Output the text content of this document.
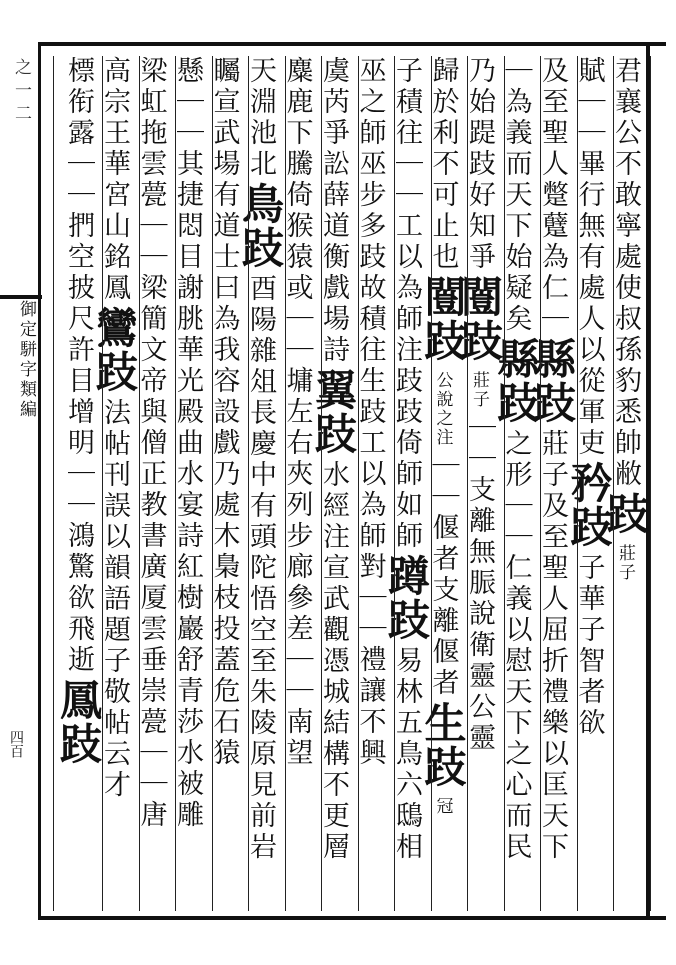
之一二
御定駢字類編
四百
君襄公不敢寧處使叔孫豹悉帥敝
跂
莊子
賦｜｜畢行無有處人以從軍吏
矜跂
子華子智者欲
及至聖人蹩躠為仁｜
縣跂
莊子及至聖人屈折禮樂以匡天下
｜為義而天下始疑矣
縣跂
之形｜｜仁義以慰天下之心而民
乃始踶跂好知爭
闓跂
莊子
｜｜支離無脤說衛靈公靈
歸於利不可止也
闓跂
公說之注
｜｜偃者支離偃者
生跂
冠
子積往｜｜工以為師注跂跂倚師如師
蹲跂
易林五鳥六鴟相
巫之師巫步多跂故積往生跂工以為師
對｜｜禮讓不興
虞芮爭訟薛道衡戲場詩
翼跂
水經注宣武觀憑城結構不更層
麋鹿下騰倚猴猿或｜｜
墉左右夾列步廊參差｜｜南望
天淵池北
鳥跂
酉陽雜俎長慶中有頭陀悟空至朱陵原見前岩
矚宣武場
有道士曰為我容設戲乃處木梟枝投蓋危石猿
懸｜｜其捷悶目謝朓華光殿曲水宴詩紅樹巖舒青莎水被雕
梁虹拖雲甍｜｜梁簡文帝與僧正教書廣厦雲垂崇甍｜｜唐
高宗王華宮山銘鳳
鸞跂
法帖刊誤以韻語題子敬帖云才
標衔露｜｜捫空
披尺許目增明｜｜鴻驚欲飛逝
鳳跂
